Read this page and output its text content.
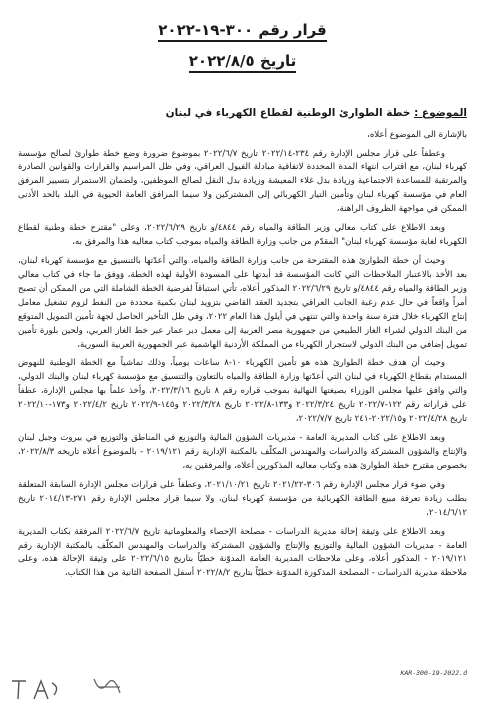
قرار رقم ٣٠٠-١٩-٢٠٢٢
تاريخ ٢٠٢٢/٨/٥
الموضوع : خطة الطوارئ الوطنية لقطاع الكهرباء في لبنان

بالإشارة الى الموضوع أعلاه،

وعطفاً على قرار مجلس الإدارة رقم ٢٣٤-٢٠٢٢/١٤ تاريخ ٢٠٢٢/٦/٧ بموضوع ضرورة وضع خطة طوارئ لصالح مؤسسة كهرباء لبنان، مع اقتراب انتهاء المدة المحددة لاتفاقية مبادلة الفيول العراقي، وفي ظل المراسيم والقرارات والقوانين الصادرة والمرتقبة للمساعدة الاجتماعية وزيادة بدل غلاء المعيشة وزيادة بدل النقل لصالح الموظفين، ولضمان الاستمرار بتسيير المرفق العام في مؤسسة كهرباء لبنان وتأمين التيار الكهربائي إلى المشتركين ولا سيما المرافق العامة الحيوية في البلد بالحد الأدنى الممكن في مواجهة الظروف الراهنة،

وبعد الاطلاع على كتاب معالي وزير الطاقة والمياه رقم ٤٨٤٤/و تاريخ ٢٠٢٢/٦/٢٩، وعلى "مقترح خطة وطنية لقطاع الكهرباء لغاية مؤسسة كهرباء لبنان" المقدّم من جانب وزارة الطاقة والمياه بموجب كتاب معاليه هذا والمرفق به،

وحيث أن خطة الطوارئ هذه المقترحة من جانب وزارة الطاقة والمياه، والتي أعدّتها بالتنسيق مع مؤسسة كهرباء لبنان، بعد الأخذ بالاعتبار الملاحظات التي كانت المؤسسة قد أبدتها على المسودة الأولية لهذه الخطة، وَوفق ما جاء في كتاب معالي وزير الطاقة والمياه رقم ٤٨٤٤/و تاريخ ٢٠٢٢/٦/٢٩ المذكور أعلاه، تأتي استباقاً لفرضية الخطة الشاملة التي من الممكن أن تصبح أمراً واقعاً في حال عدم رغبة الجانب العراقي بتجديد العقد القاضي بتزويد لبنان بكمية محددة من النفط لزوم تشغيل معامل إنتاج الكهرباء خلال فترة سنة واحدة والتي تنتهي في أيلول هذا العام ٢٠٢٢، وفي ظل التأخير الحاصل لجهة تأمين التمويل المتوقع من البنك الدولي لشراء الغاز الطبيعي من جمهورية مصر العربية إلى معمل دير عمار عبر خط الغاز العربي، ولحين بلورة تأمين تمويل إضافي من البنك الدولي لاستجرار الكهرباء من المملكة الأردنية الهاشمية عبر الجمهورية العربية السورية،

وحيث أن هدف خطة الطوارئ هذه هو تأمين الكهرباء ١٠-٨ ساعات يومياً، وذلك تماشياً مع الخطة الوطنية للنهوض المستدام بقطاع الكهرباء في لبنان التي أعدّتها وزارة الطاقة والمياه بالتعاون والتنسيق مع مؤسسة كهرباء لبنان والبنك الدولي، والتي وافق عليها مجلس الوزراء بصيغتها النهائية بموجب قراره رقم ٨ تاريخ ٢٠٢٢/٣/١٦، وأخذ علماً بها مجلس الإدارة، عطفاً على قراراته رقم ١٢٢-٢٠٢٢/٧ تاريخ ٢٠٢٢/٣/٢٤ و١٣٣-٢٠٢٢/٨ تاريخ ٢٠٢٢/٣/٢٨ و١٤٥-٢٠٢٢/٩ تاريخ ٢٠٢٢/٤/٢ و١٧٣-٢٠٢٢/١٠ تاريخ ٢٠٢٢/٤/٢٨ و٢٠٢٢/١٥-٢٤١ تاريخ ٢٠٢٢/٧/٧،

وبعد الاطلاع على كتاب المديرية العامة - مديريات الشؤون المالية والتوزيع في المناطق والتوزيع في بيروت وجبل لبنان والإنتاج والشؤون المشتركة والدراسات والمهندس المكلّف بالمكتبة الإدارية رقم ٢٠١٩/١٢١ - بالموضوع أعلاه تاريخه ٢٠٢٢/٨/٣، بخصوص مقترح خطة الطوارئ هذه وكتاب معاليه المذكورين أعلاه، والمرفقين به،

وفي ضوء قرار مجلس الإدارة رقم ٣٠٦-٢٠٢١/٢٢ تاريخ ٢٠٢١/١٠/٢١، وعطفاً على قرارات مجلس الإدارة السابقة المتعلقة بطلب زيادة تعرفة مبيع الطاقة الكهربائية من مؤسسة كهرباء لبنان، ولا سيما قرار مجلس الإدارة رقم ٢٧١-٢٠١٤/١٣ تاريخ ٢٠١٤/٦/١٢،

وبعد الاطلاع على وثيقة إحالة مديرية الدراسات - مصلحة الإحصاء والمعلوماتية تاريخ ٢٠٢٢/٦/٧ المرفقة بكتاب المديرية العامة - مديريات الشؤون المالية والتوزيع والإنتاج والشؤون المشتركة والدراسات والمهندس المكلّف بالمكتبة الإدارية رقم ٢٠١٩/١٢١ - المذكور أعلاه، وعلى ملاحظات المديرية العامة المدوّنة خطيّاً بتاريخ ٢٠٢٢/٦/١٥ على وثيقة الإحالة هذه، وعلى ملاحظة مديرية الدراسات - المصلحة المذكورة المدوّنة خطيّاً بتاريخ ٢٠٢٢/٨/٢ أسفل الصفحة الثانية من هذا الكتاب،

KAR-300-19-2022.d
